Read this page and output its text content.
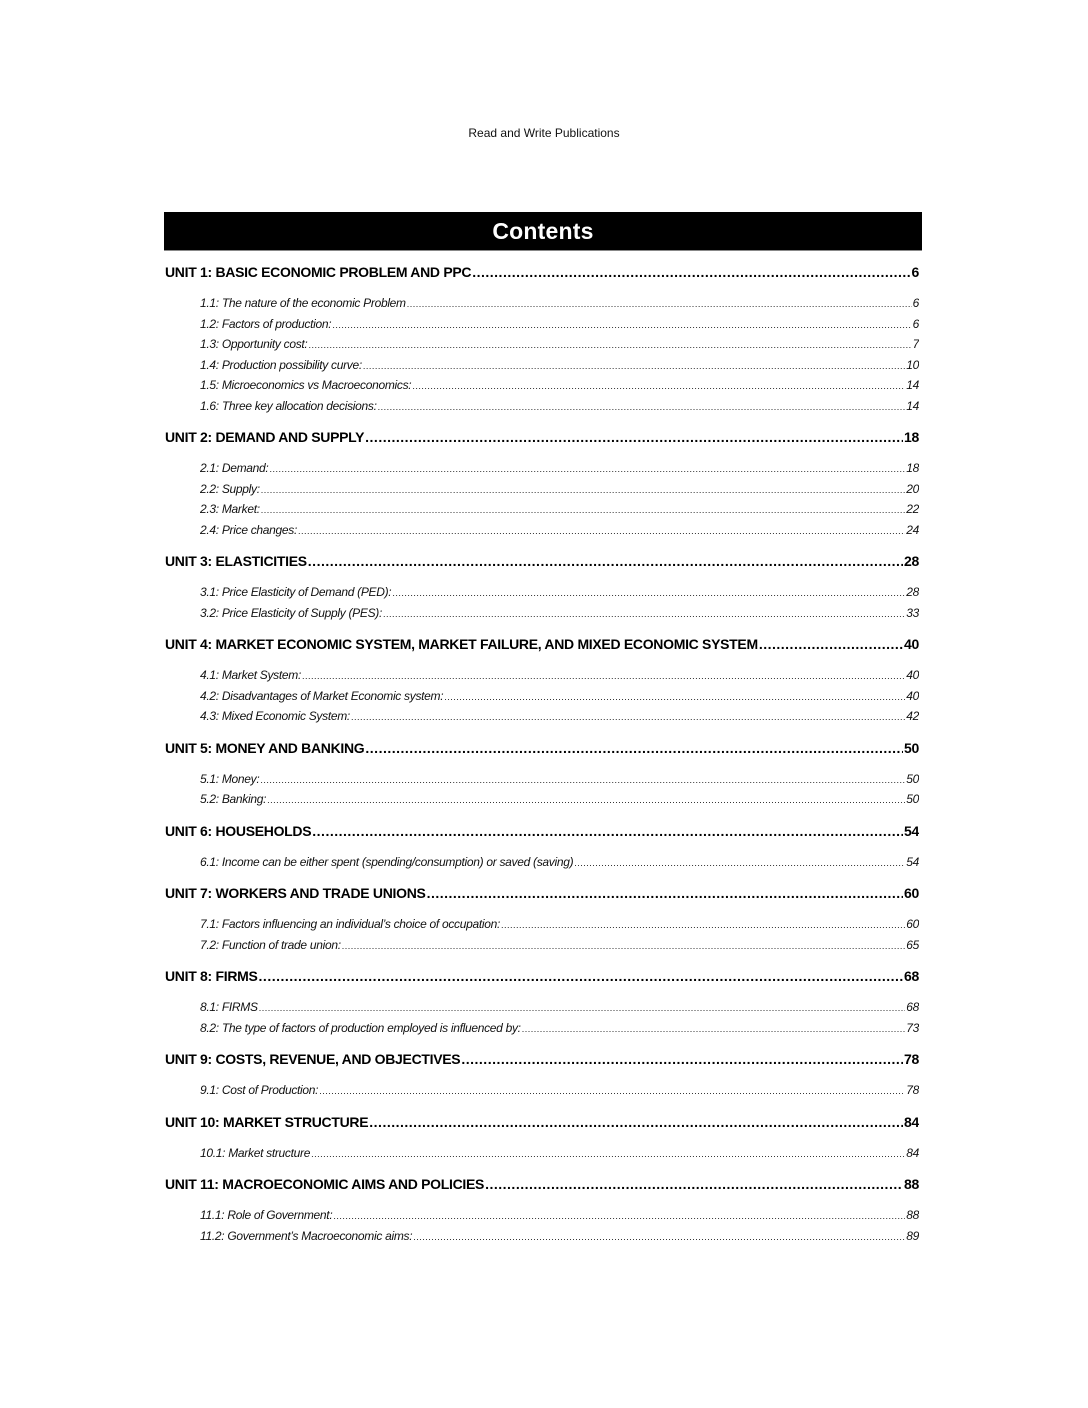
Read and Write Publications
Contents
UNIT 1: BASIC ECONOMIC PROBLEM AND PPC .....	6
1.1: The nature of the economic Problem .....	6
1.2: Factors of production: .....	6
1.3: Opportunity cost: .....	7
1.4: Production possibility curve: .....	10
1.5: Microeconomics vs Macroeconomics: .....	14
1.6: Three key allocation decisions: .....	14
UNIT 2: DEMAND AND SUPPLY .....	18
2.1: Demand: .....	18
2.2: Supply: .....	20
2.3: Market: .....	22
2.4: Price changes: .....	24
UNIT 3: ELASTICITIES .....	28
3.1: Price Elasticity of Demand (PED): .....	28
3.2: Price Elasticity of Supply (PES): .....	33
UNIT 4: MARKET ECONOMIC SYSTEM, MARKET FAILURE, AND MIXED ECONOMIC SYSTEM .....	40
4.1: Market System: .....	40
4.2: Disadvantages of Market Economic system: .....	40
4.3: Mixed Economic System: .....	42
UNIT 5: MONEY AND BANKING .....	50
5.1: Money: .....	50
5.2: Banking: .....	50
UNIT 6: HOUSEHOLDS .....	54
6.1: Income can be either spent (spending/consumption) or saved (saving) .....	54
UNIT 7: WORKERS AND TRADE UNIONS .....	60
7.1: Factors influencing an individual’s choice of occupation: .....	60
7.2: Function of trade union: .....	65
UNIT 8: FIRMS .....	68
8.1: FIRMS .....	68
8.2: The type of factors of production employed is influenced by: .....	73
UNIT 9: COSTS, REVENUE, AND OBJECTIVES .....	78
9.1: Cost of Production: .....	78
UNIT 10: MARKET STRUCTURE .....	84
10.1: Market structure .....	84
UNIT 11: MACROECONOMIC AIMS AND POLICIES .....	88
11.1: Role of Government: .....	88
11.2: Government’s Macroeconomic aims: .....	89
